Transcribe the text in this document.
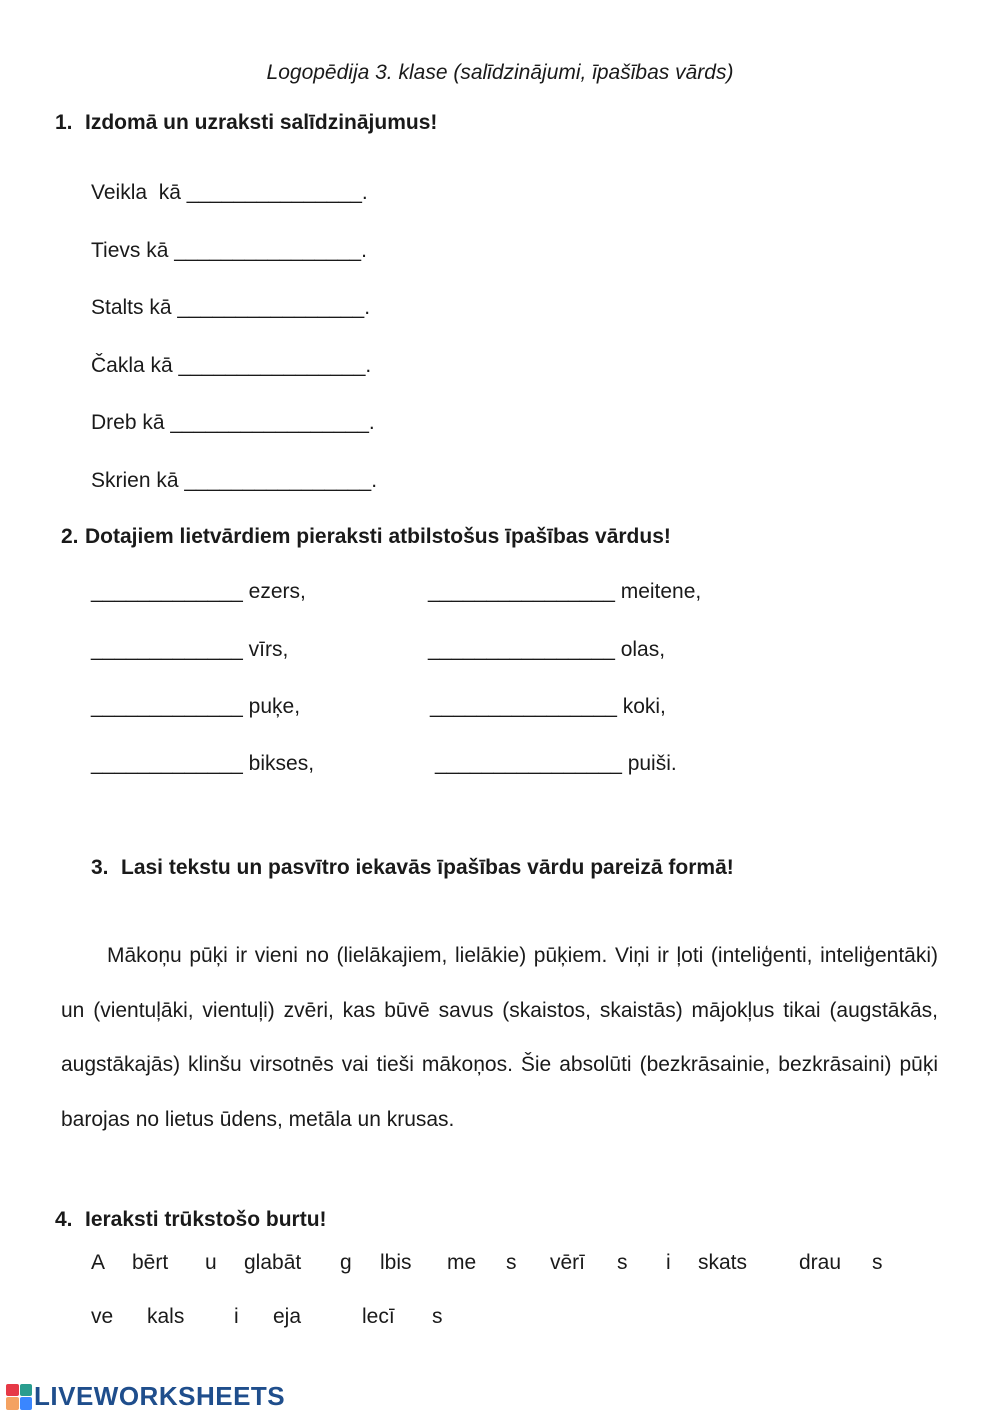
Logopēdija 3. klase (salīdzinājumi, īpašības vārds)
1. Izdomā un uzraksti salīdzinājumus!
Veikla  kā _______________.
Tievs kā ________________.
Stalts kā ________________.
Čakla kā ________________.
Dreb kā _________________.
Skrien kā ________________.
2. Dotajiem lietvārdiem pieraksti atbilstošus īpašības vārdus!
_____________ ezers,
_____________ vīrs,
_____________ puķe,
_____________ bikses,
________________ meitene,
________________ olas,
________________ koki,
________________ puiši.
3. Lasi tekstu un pasvītro iekavās īpašības vārdu pareizā formā!
Mākoņu pūķi ir vieni no (lielākajiem, lielākie) pūķiem. Viņi ir ļoti (inteliģenti, inteliģentāki) un (vientuļāki, vientuļi) zvēri, kas būvē savus (skaistos, skaistās) mājokļus tikai (augstākās, augstākajās) klinšu virsotnēs vai tieši mākoņos. Šie absolūti (bezkrāsainie, bezkrāsaini) pūķi barojas no lietus ūdens, metāla un krusas.
4. Ieraksti trūkstošo burtu!
A bērt u glabāt g lbis me s vērī s i skats drau s
ve kals i eja	lecī s
LIVEWORKSHEETS
